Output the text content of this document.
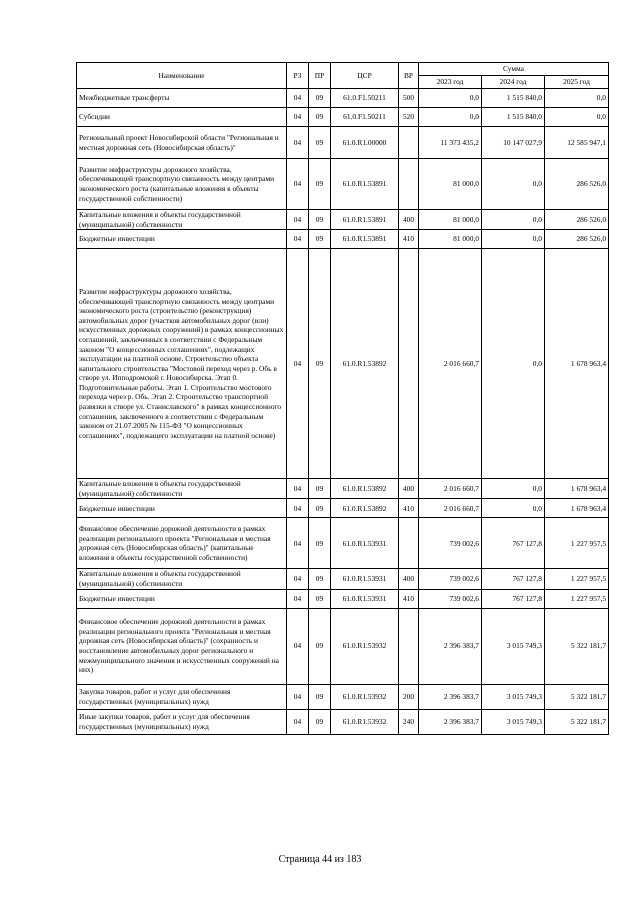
Наименование	РЗ	ПР	ЦСР	ВР	Сумма		
					2023 год	2024 год	2025 год
Межбюджетные трансферты	04	09	61.0.F1.50211	500	0,0	1 515 840,0	0,0
Субсидии	04	09	61.0.F1.50211	520	0,0	1 515 840,0	0,0
Региональный проект Новосибирской области "Региональная и местная дорожная сеть (Новосибирская область)"	04	09	61.0.R1.00000		11 373 435,2	10 147 027,9	12 585 947,1
Развитие инфраструктуры дорожного хозяйства, обеспечивающей транспортную связанность между центрами экономического роста (капитальные вложения в объекты государственной собственности)	04	09	61.0.R1.53891		81 000,0	0,0	286 526,0
Капитальные вложения в объекты государственной (муниципальной) собственности	04	09	61.0.R1.53891	400	81 000,0	0,0	286 526,0
Бюджетные инвестиции	04	09	61.0.R1.53891	410	81 000,0	0,0	286 526,0
Развитие инфраструктуры дорожного хозяйства, обеспечивающей транспортную связанность между центрами экономического роста (строительство (реконструкция) автомобильных дорог (участков автомобильных дорог (или) искусственных дорожных сооружений) в рамках концессионных соглашений, заключенных в соответствии с Федеральным законом "О концессионных соглашениях", подлежащих эксплуатации на платной основе. Строительство объекта капитального строительства "Мостовой переход через р. Обь в створе ул. Ипподромской г. Новосибирска. Этап 0. Подготовительные работы. Этап 1. Строительство мостового перехода через р. Обь. Этап 2. Строительство транспортной развязки в створе ул. Станиславского" в рамках концессионного соглашения, заключенного в соответствии с Федеральным законом от 21.07.2005 № 115-ФЗ "О концессионных соглашениях", подлежащего эксплуатации на платной основе)	04	09	61.0.R1.53892		2 016 660,7	0,0	1 678 963,4
Капитальные вложения в объекты государственной (муниципальной) собственности	04	09	61.0.R1.53892	400	2 016 660,7	0,0	1 678 963,4
Бюджетные инвестиции	04	09	61.0.R1.53892	410	2 016 660,7	0,0	1 678 963,4
Финансовое обеспечение дорожной деятельности в рамках реализации регионального проекта "Региональная и местная дорожная сеть (Новосибирская область)" (капитальные вложения в объекты государственной собственности)	04	09	61.0.R1.53931		739 002,6	767 127,8	1 227 957,5
Капитальные вложения в объекты государственной (муниципальной) собственности	04	09	61.0.R1.53931	400	739 002,6	767 127,8	1 227 957,5
Бюджетные инвестиции	04	09	61.0.R1.53931	410	739 002,6	767 127,8	1 227 957,5
Финансовое обеспечение дорожной деятельности в рамках реализации регионального проекта "Региональная и местная дорожная сеть (Новосибирская область)" (сохранность и восстановление автомобильных дорог регионального и межмуниципального значения и искусственных сооружений на них)	04	09	61.0.R1.53932		2 396 383,7	3 015 749,3	5 322 181,7
Закупка товаров, работ и услуг для обеспечения государственных (муниципальных) нужд	04	09	61.0.R1.53932	200	2 396 383,7	3 015 749,3	5 322 181,7
Иные закупки товаров, работ и услуг для обеспечения государственных (муниципальных) нужд	04	09	61.0.R1.53932	240	2 396 383,7	3 015 749,3	5 322 181,7
Страница 44 из 183
